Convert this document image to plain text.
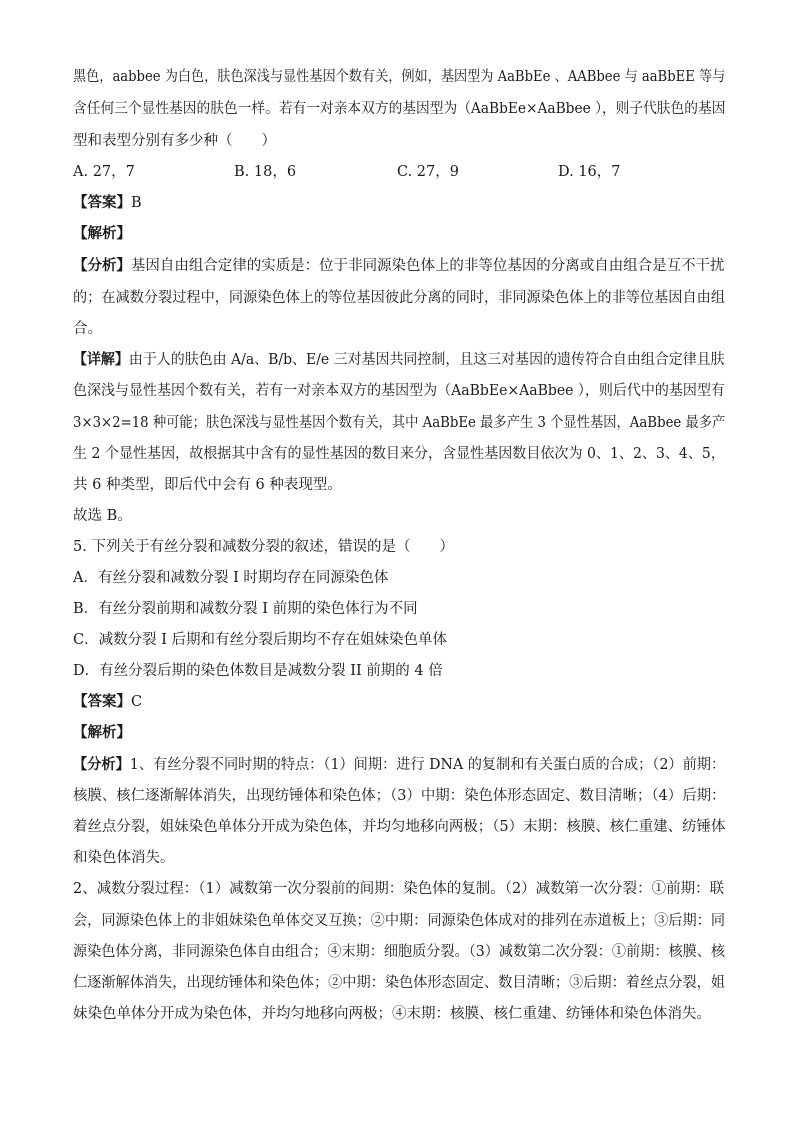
黑色，aabbee 为白色，肤色深浅与显性基因个数有关，例如，基因型为 AaBbEe 、AABbee 与 aaBbEE 等与
含任何三个显性基因的肤色一样。若有一对亲本双方的基因型为（AaBbEe×AaBbee ），则子代肤色的基因
型和表型分别有多少种（　　）
A. 27，7	B. 18，6	C. 27，9	D. 16，7
【答案】B
【解析】
【分析】基因自由组合定律的实质是：位于非同源染色体上的非等位基因的分离或自由组合是互不干扰
的；在减数分裂过程中，同源染色体上的等位基因彼此分离的同时，非同源染色体上的非等位基因自由组
合。
【详解】由于人的肤色由 A/a、B/b、E/e 三对基因共同控制，且这三对基因的遗传符合自由组合定律且肤
色深浅与显性基因个数有关，若有一对亲本双方的基因型为（AaBbEe×AaBbee ），则后代中的基因型有
3×3×2=18 种可能；肤色深浅与显性基因个数有关，其中 AaBbEe 最多产生 3 个显性基因，AaBbee 最多产
生 2 个显性基因，故根据其中含有的显性基因的数目来分，含显性基因数目依次为 0、1、2、3、4、5，
共 6 种类型，即后代中会有 6 种表现型。
故选 B。
5. 下列关于有丝分裂和减数分裂的叙述，错误的是（　　）
A．有丝分裂和减数分裂 I 时期均存在同源染色体
B．有丝分裂前期和减数分裂 I 前期的染色体行为不同
C．减数分裂 I 后期和有丝分裂后期均不存在姐妹染色单体
D．有丝分裂后期的染色体数目是减数分裂 II 前期的 4 倍
【答案】C
【解析】
【分析】1、有丝分裂不同时期的特点：（1）间期：进行 DNA 的复制和有关蛋白质的合成；（2）前期：
核膜、核仁逐渐解体消失，出现纺锤体和染色体；（3）中期：染色体形态固定、数目清晰；（4）后期：
着丝点分裂，姐妹染色单体分开成为染色体，并均匀地移向两极；（5）末期：核膜、核仁重建、纺锤体
和染色体消失。
2、减数分裂过程：（1）减数第一次分裂前的间期：染色体的复制。（2）减数第一次分裂：①前期：联
会，同源染色体上的非姐妹染色单体交叉互换；②中期：同源染色体成对的排列在赤道板上；③后期：同
源染色体分离，非同源染色体自由组合；④末期：细胞质分裂。（3）减数第二次分裂：①前期：核膜、核
仁逐渐解体消失，出现纺锤体和染色体；②中期：染色体形态固定、数目清晰；③后期：着丝点分裂，姐
妹染色单体分开成为染色体，并均匀地移向两极；④末期：核膜、核仁重建、纺锤体和染色体消失。
